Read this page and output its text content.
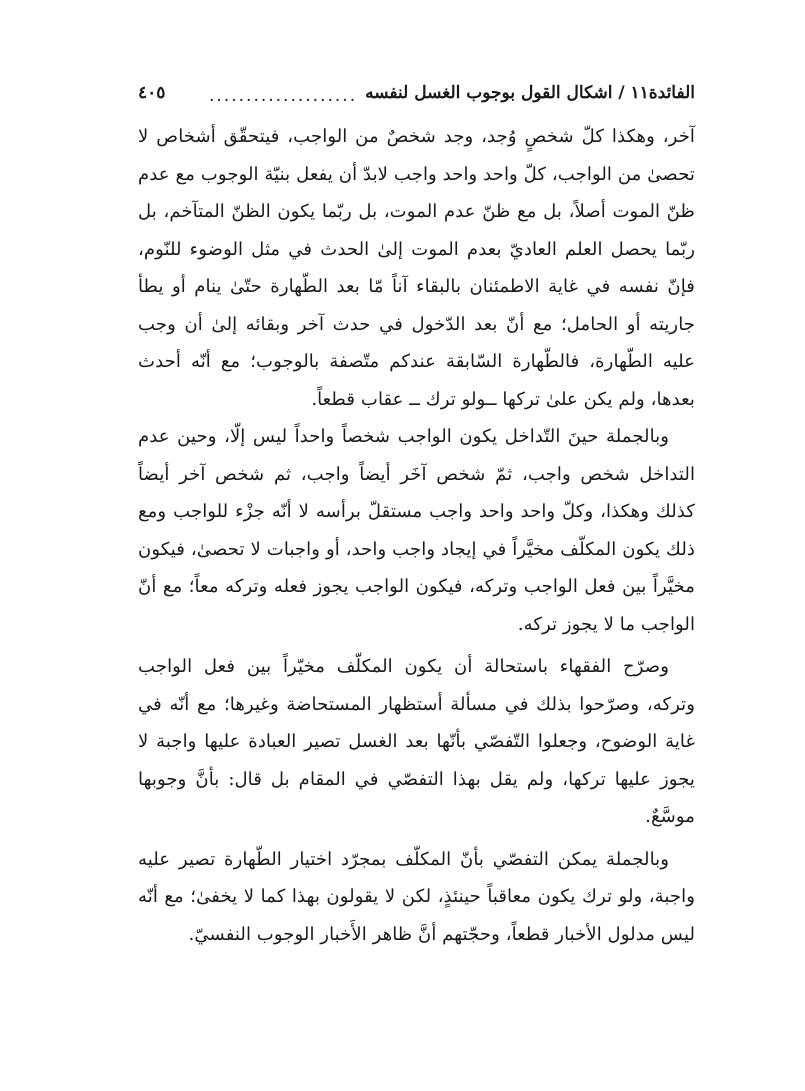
الفائدة١١ / اشكال القول بوجوب الغسل لنفسه
....................
٤٠٥

آخر، وهكذا كلّ شخصٍ وُجد، وجد شخصٌ من الواجب، فيتحقّق أشخاص لا تحصىٰ من الواجب، كلّ واحد واحد واجب لابدّ أن يفعل بنيّة الوجوب مع عدم ظنّ الموت أصلاً، بل مع ظنّ عدم الموت، بل ربّما يكون الظنّ المتآخم، بل ربّما يحصل العلم العاديّ بعدم الموت إلىٰ الحدث في مثل الوضوء للنّوم، فإنّ نفسه في غاية الاطمئنان بالبقاء آناً مّا بعد الطّهارة حتّىٰ ينام أو يطأ جاريته أو الحامل؛ مع أنّ بعد الدّخول في حدث آخر وبقائه إلىٰ أن وجب عليه الطّهارة، فالطّهارة السّابقة عندكم متّصفة بالوجوب؛ مع أنّه أحدث بعدها، ولم يكن علىٰ تركها ــولو ترك ــ عقاب قطعاً.

وبالجملة حينَ التّداخل يكون الواجب شخصاً واحداً ليس إلّا، وحين عدم التداخل شخص واجب، ثمّ شخص آخَر أيضاً واجب، ثم شخص آخر أيضاً كذلك وهكذا، وكلّ واحد واحد واجب مستقلّ برأسه لا أنّه جزْء للواجب ومع ذلك يكون المكلّف مخيَّراً في إيجاد واجب واحد، أو واجبات لا تحصىٰ، فيكون مخيَّراً بين فعل الواجب وتركه، فيكون الواجب يجوز فعله وتركه معاً؛ مع أنّ الواجب ما لا يجوز تركه.

وصرّح الفقهاء باستحالة أن يكون المكلّف مخيّراً بين فعل الواجب وتركه، وصرّحوا بذلك في مسألة أستظهار المستحاضة وغيرها؛ مع أنّه في غاية الوضوح، وجعلوا التّفصّي بأنّها بعد الغسل تصير العبادة عليها واجبة لا يجوز عليها تركها، ولم يقل بهذا التفصّي في المقام بل قال: بأنَّ وجوبها موسَّعٌ.

وبالجملة يمكن التفصّي بأنّ المكلّف بمجرّد اختيار الطّهارة تصير عليه واجبة، ولو ترك يكون معاقباً حينئذٍ، لكن لا يقولون بهذا كما لا يخفىٰ؛ مع أنّه ليس مدلول الأخبار قطعاً، وحجّتهم أنَّ ظاهر الأَخبار الوجوب النفسيّ.
